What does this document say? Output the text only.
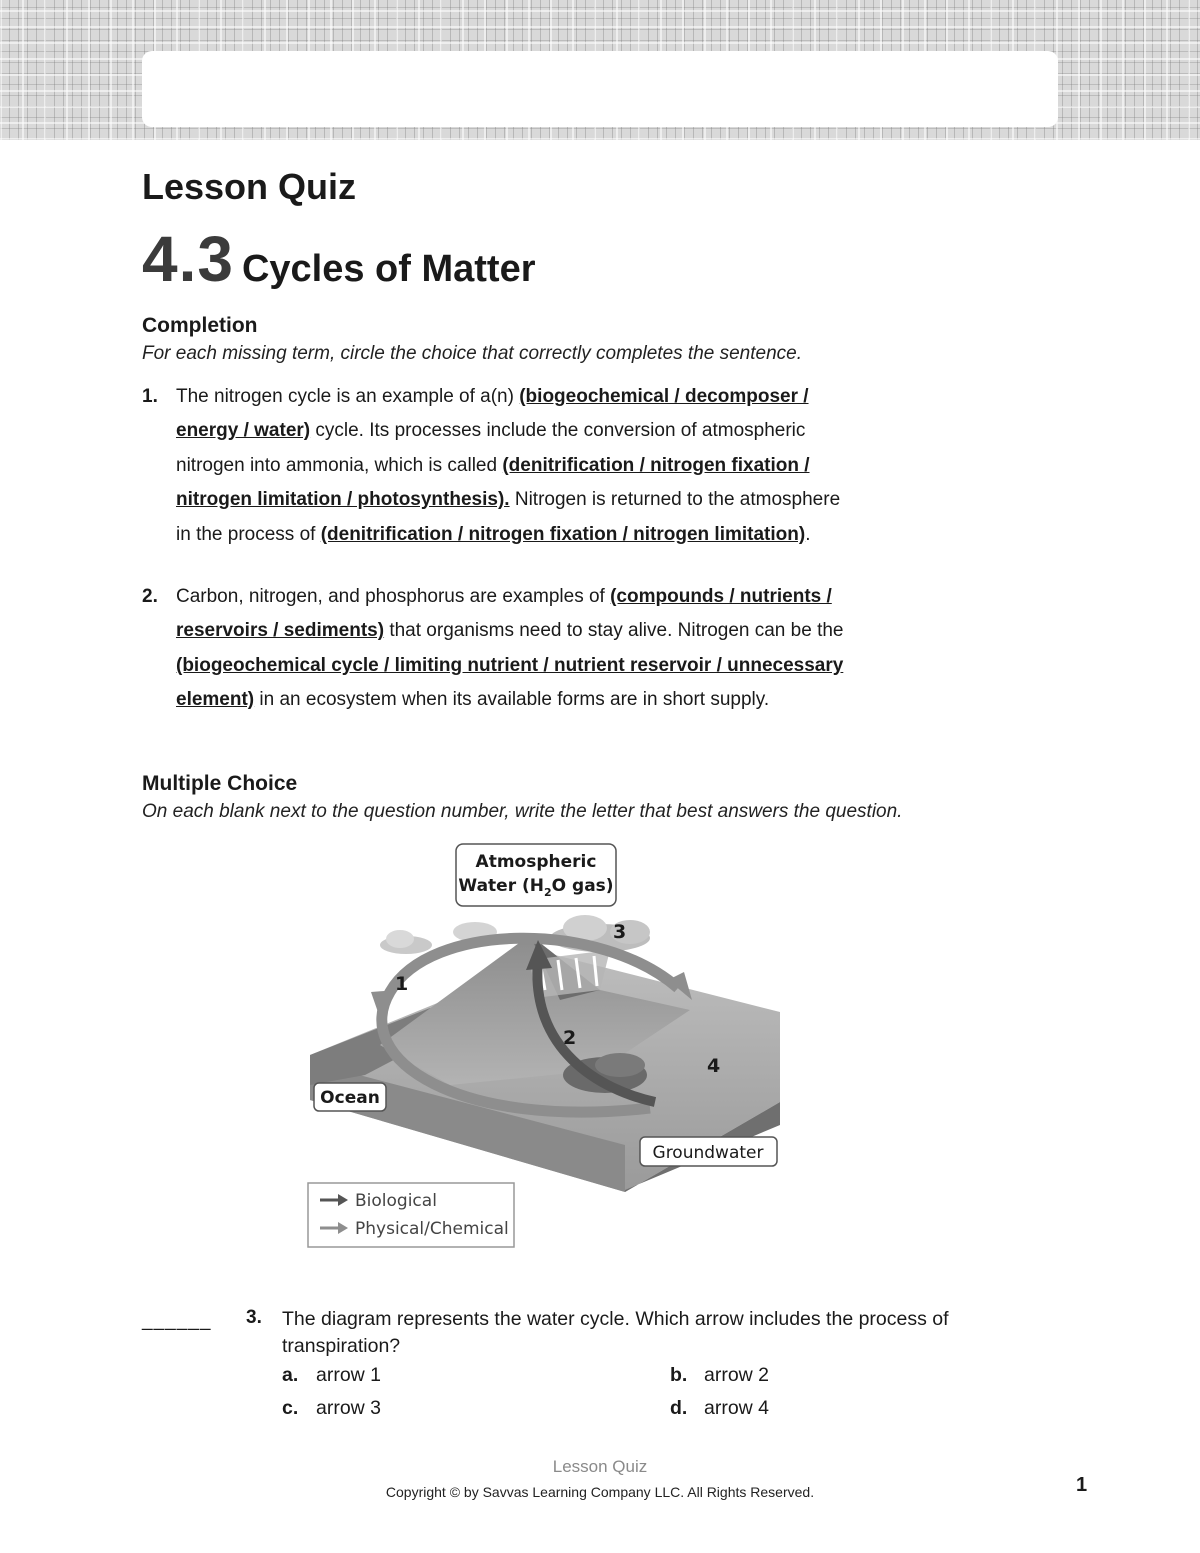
Lesson Quiz
4.3 Cycles of Matter
Completion

For each missing term, circle the choice that correctly completes the sentence.

1. The nitrogen cycle is an example of a(n) (biogeochemical / decomposer /

energy / water) cycle. Its processes include the conversion of atmospheric

nitrogen into ammonia, which is called (denitrification / nitrogen fixation /

nitrogen limitation / photosynthesis). Nitrogen is returned to the atmosphere

in the process of (denitrification / nitrogen fixation / nitrogen limitation).

2. Carbon, nitrogen, and phosphorus are examples of (compounds / nutrients /

reservoirs / sediments) that organisms need to stay alive. Nitrogen can be the

(biogeochemical cycle / limiting nutrient / nutrient reservoir / unnecessary

element) in an ecosystem when its available forms are in short supply.

Multiple Choice

On each blank next to the question number, write the letter that best answers the question.

Atmospheric
Water ($H_2O$ gas)
1
2
3
4
Ocean
Groundwater
Biological
Physical/Chemical
______ 3. The diagram represents the water cycle. Which arrow includes the process of transpiration?

a. arrow 1	b. arrow 2
c. arrow 3	d. arrow 4
Lesson Quiz
Copyright © by Savvas Learning Company LLC. All Rights Reserved.	1
